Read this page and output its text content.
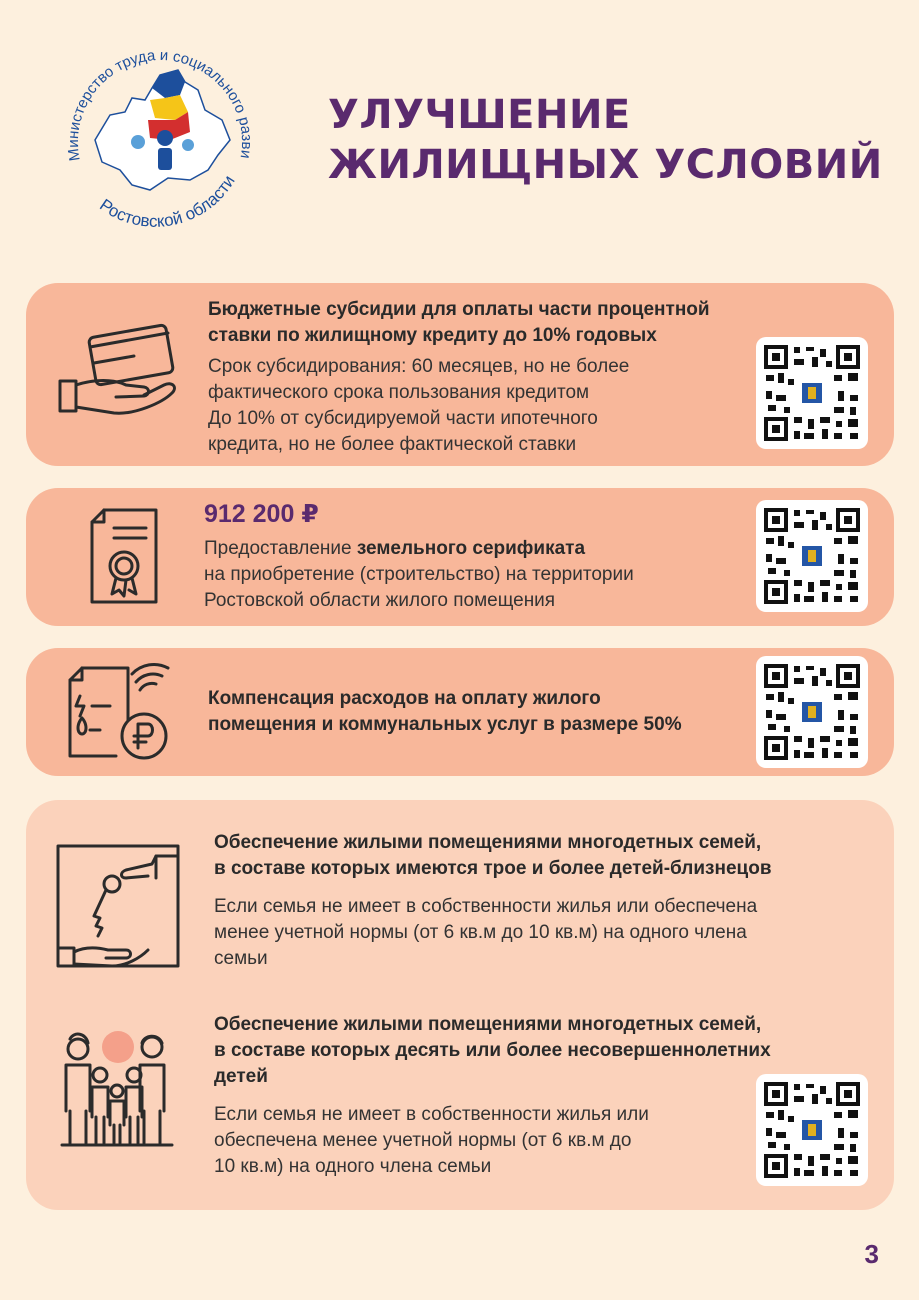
Министерство труда и социального разви
Ростовской области
УЛУЧШЕНИЕ
ЖИЛИЩНЫХ УСЛОВИЙ

Бюджетные субсидии для оплаты части процентной

ставки по жилищному кредиту до 10% годовых

Срок субсидирования: 60 месяцев, но не более

фактического срока пользования кредитом

До 10% от субсидируемой части ипотечного

кредита, но не более фактической ставки

912 200 ₽

Предоставление земельного серификата

на приобретение (строительство) на территории

Ростовской области жилого помещения

Компенсация расходов на оплату жилого

помещения и коммунальных услуг в размере 50%

Обеспечение жилыми помещениями многодетных семей,

в составе которых имеются трое и более детей-близнецов

Если семья не имеет в собственности жилья или обеспечена

менее учетной нормы (от 6 кв.м до 10 кв.м) на одного члена

семьи

Обеспечение жилыми помещениями многодетных семей,

в составе которых десять или более несовершеннолетних

детей

Если семья не имеет в собственности жилья или

обеспечена менее учетной нормы (от 6 кв.м до

10 кв.м) на одного члена семьи

3
